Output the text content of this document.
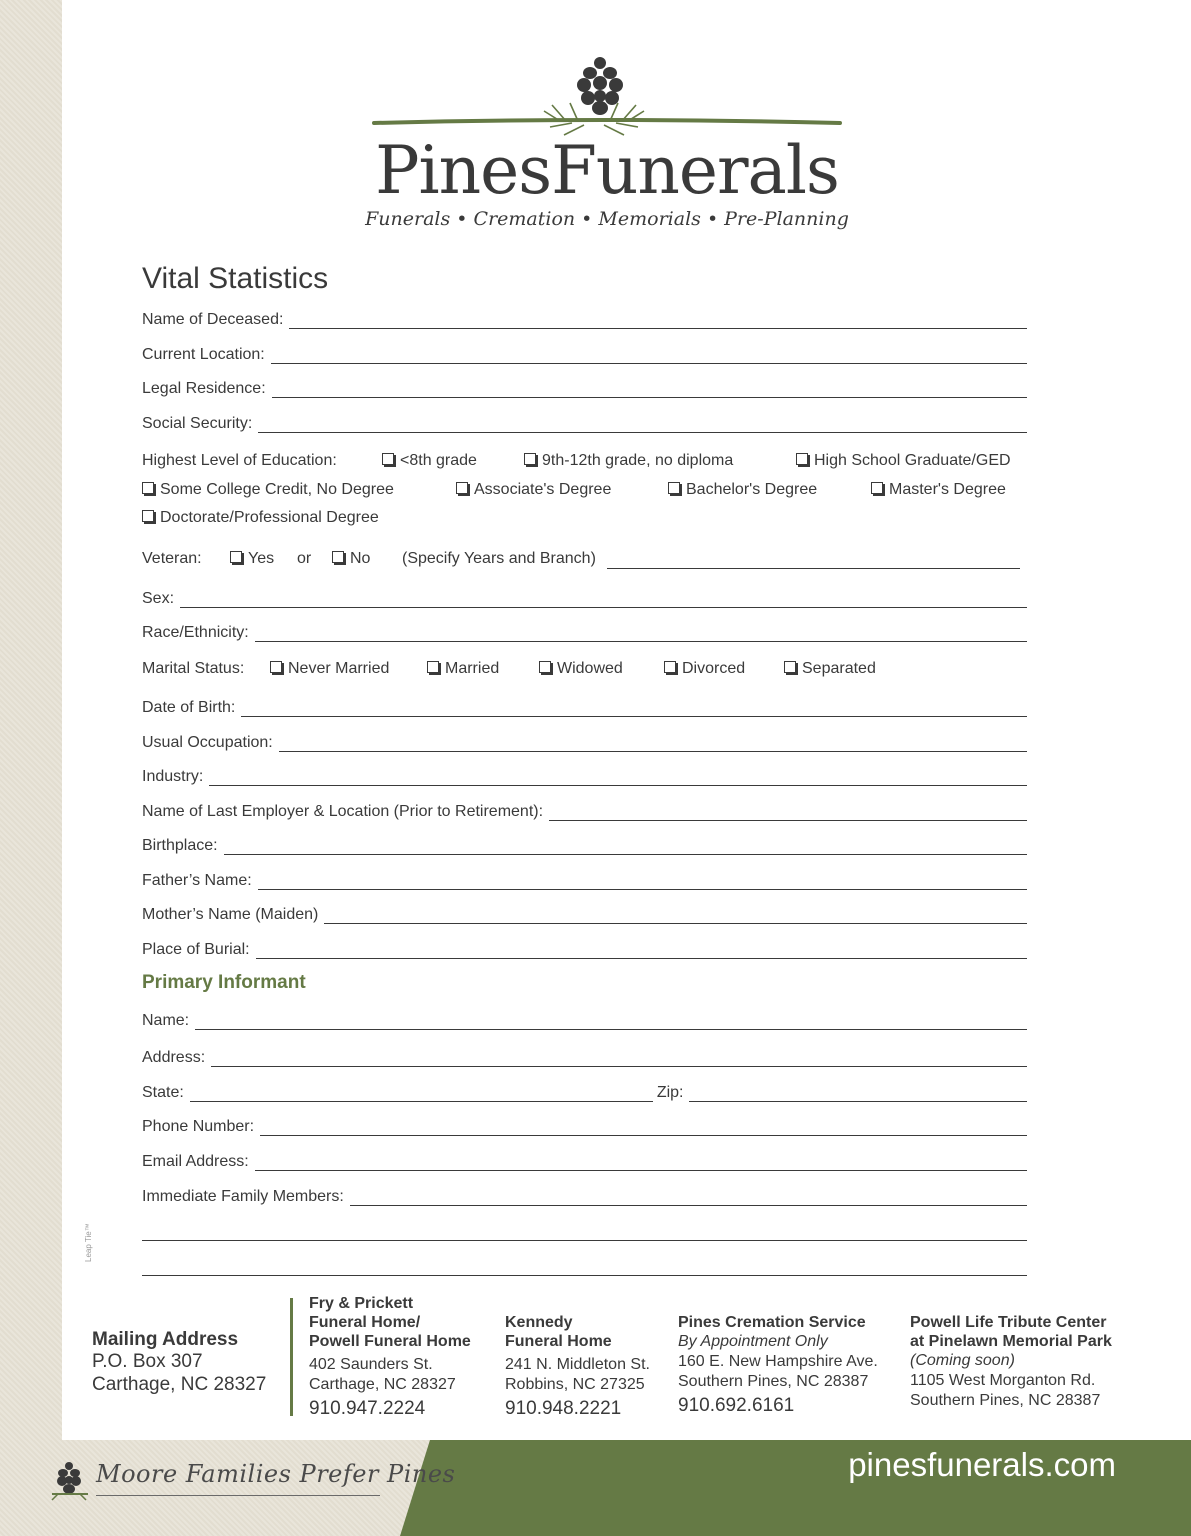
Leap Tie™
PinesFunerals
Funerals • Cremation • Memorials • Pre-Planning
Vital Statistics
Name of Deceased:
Current Location:
Legal Residence:
Social Security:
Highest Level of Education:	<8th grade	9th-12th grade, no diploma	High School Graduate/GED
Some College Credit, No Degree	Associate's Degree	Bachelor's Degree	Master's Degree
Doctorate/Professional Degree
Veteran:	Yes or	No (Specify Years and Branch)
Sex:
Race/Ethnicity:
Marital Status:	Never Married	Married	Widowed	Divorced	Separated
Date of Birth:
Usual Occupation:
Industry:
Name of Last Employer & Location (Prior to Retirement):
Birthplace:
Father’s Name:
Mother’s Name (Maiden)
Place of Burial:
Primary Informant
Name:
Address:
State:	Zip:
Phone Number:
Email Address:
Immediate Family Members:
Mailing Address
P.O. Box 307
Carthage, NC 28327
Fry & Prickett
Funeral Home/
Powell Funeral Home
402 Saunders St.
Carthage, NC 28327
910.947.2224
Kennedy
Funeral Home
241 N. Middleton St.
Robbins, NC 27325
910.948.2221
Pines Cremation Service
By Appointment Only
160 E. New Hampshire Ave.
Southern Pines, NC 28387
910.692.6161
Powell Life Tribute Center
at Pinelawn Memorial Park
(Coming soon)
1105 West Morganton Rd.
Southern Pines, NC 28387
Moore Families Prefer Pines	pinesfunerals.com
